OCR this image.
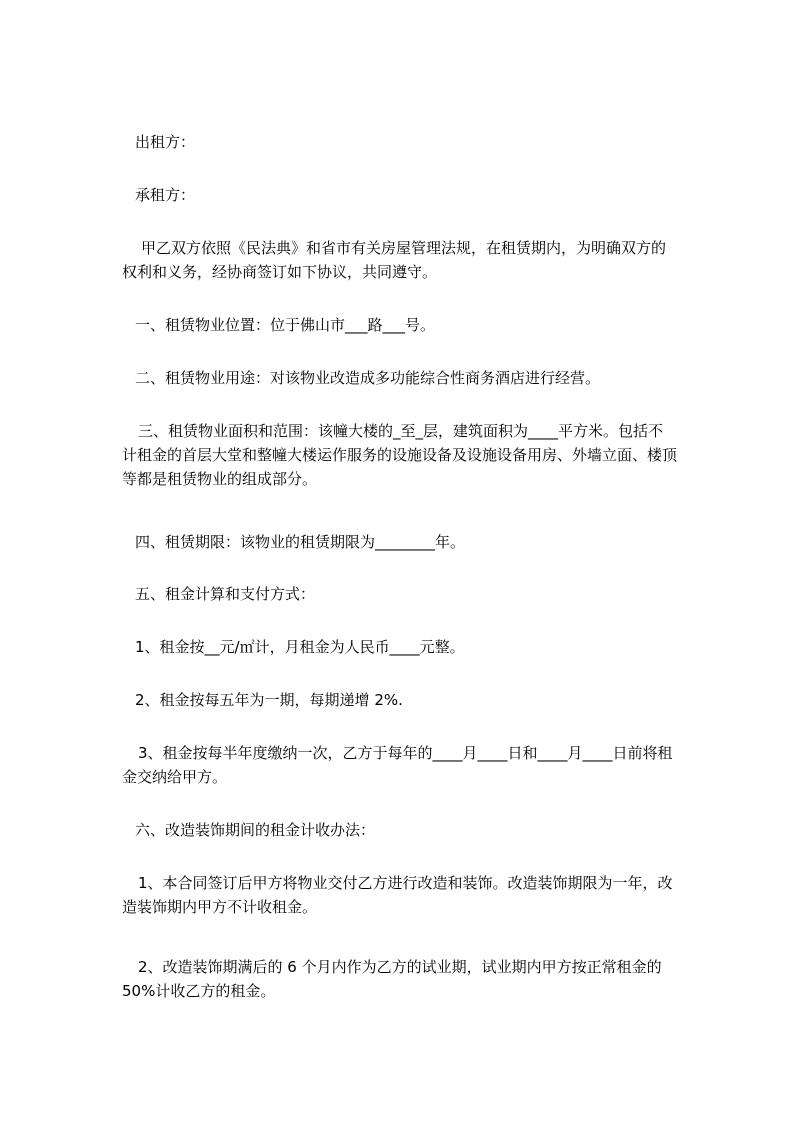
出租方：

承租方：

甲乙双方依照《民法典》和省市有关房屋管理法规，在租赁期内，为明确双方的
权利和义务，经协商签订如下协议，共同遵守。

一、租赁物业位置：位于佛山市___路___号。

二、租赁物业用途：对该物业改造成多功能综合性商务酒店进行经营。

三、租赁物业面积和范围：该幢大楼的_至_层，建筑面积为____平方米。包括不
计租金的首层大堂和整幢大楼运作服务的设施设备及设施设备用房、外墙立面、楼顶
等都是租赁物业的组成部分。

四、租赁期限：该物业的租赁期限为________年。

五、租金计算和支付方式：

1、租金按__元/㎡计，月租金为人民币____元整。

2、租金按每五年为一期，每期递增 2%.

3、租金按每半年度缴纳一次，乙方于每年的____月____日和____月____日前将租
金交纳给甲方。

六、改造装饰期间的租金计收办法：

1、本合同签订后甲方将物业交付乙方进行改造和装饰。改造装饰期限为一年，改
造装饰期内甲方不计收租金。

2、改造装饰期满后的 6 个月内作为乙方的试业期，试业期内甲方按正常租金的
50%计收乙方的租金。
